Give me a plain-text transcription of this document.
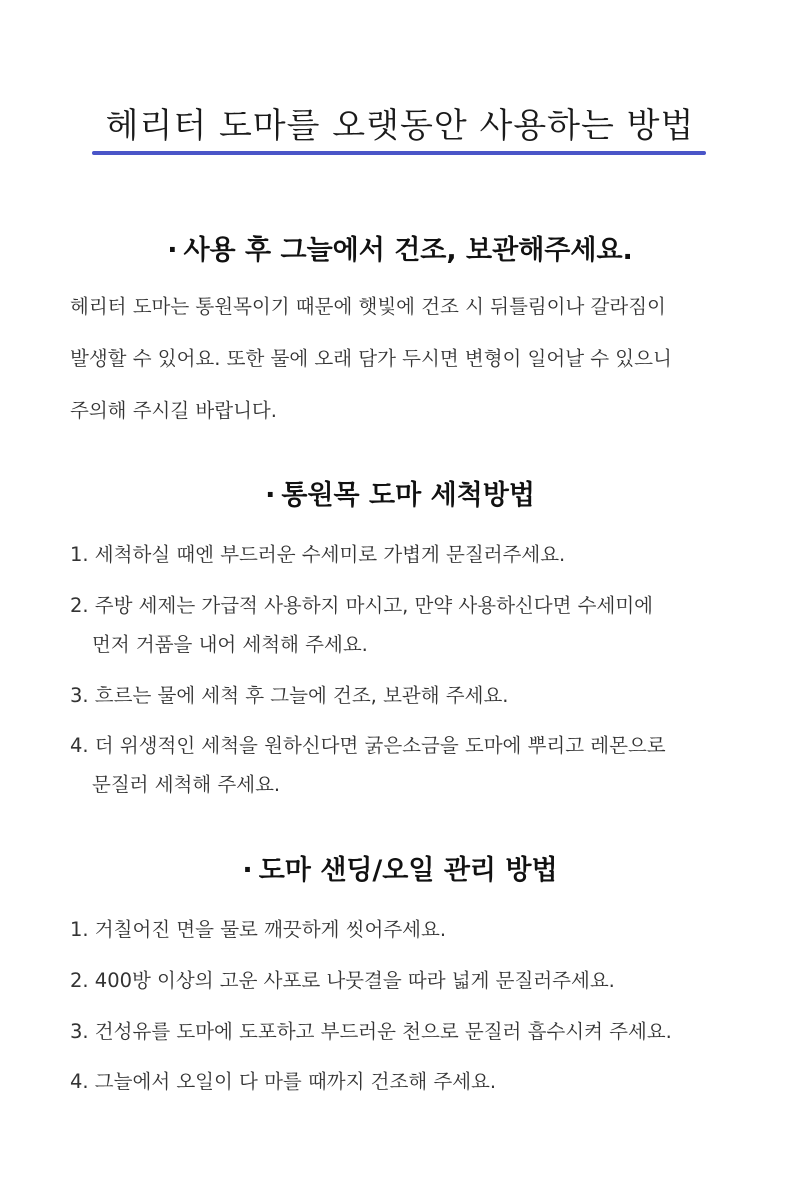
헤리터 도마를 오랫동안 사용하는 방법
· 사용 후 그늘에서 건조, 보관해주세요.
헤리터 도마는 통원목이기 때문에 햇빛에 건조 시 뒤틀림이나 갈라짐이
발생할 수 있어요. 또한 물에 오래 담가 두시면 변형이 일어날 수 있으니
주의해 주시길 바랍니다.
· 통원목 도마 세척방법
1. 세척하실 때엔 부드러운 수세미로 가볍게 문질러주세요.
2. 주방 세제는 가급적 사용하지 마시고, 만약 사용하신다면 수세미에
먼저 거품을 내어 세척해 주세요.
3. 흐르는 물에 세척 후 그늘에 건조, 보관해 주세요.
4. 더 위생적인 세척을 원하신다면 굵은소금을 도마에 뿌리고 레몬으로
문질러 세척해 주세요.
· 도마 샌딩/오일 관리 방법
1. 거칠어진 면을 물로 깨끗하게 씻어주세요.
2. 400방 이상의 고운 사포로 나뭇결을 따라 넓게 문질러주세요.
3. 건성유를 도마에 도포하고 부드러운 천으로 문질러 흡수시켜 주세요.
4. 그늘에서 오일이 다 마를 때까지 건조해 주세요.
